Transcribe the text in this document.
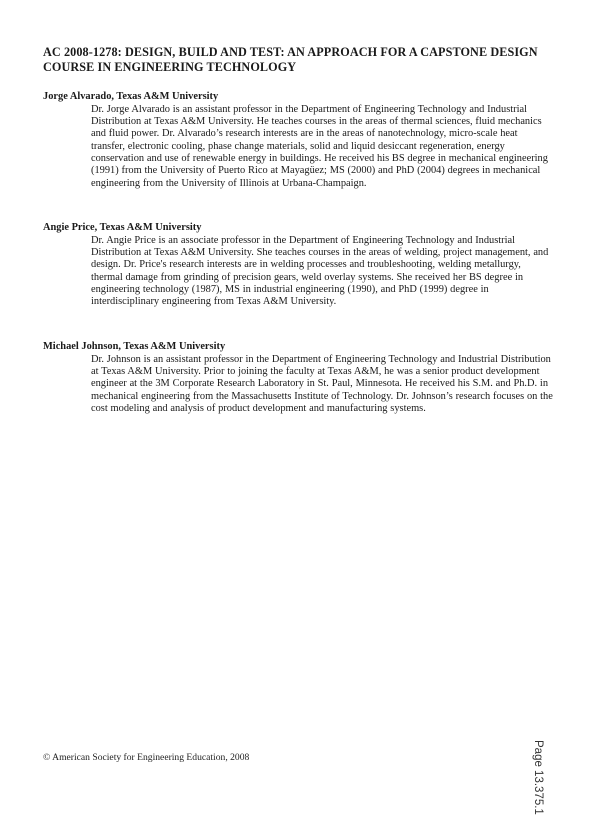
AC 2008-1278: DESIGN, BUILD AND TEST: AN APPROACH FOR A CAPSTONE DESIGN COURSE IN ENGINEERING TECHNOLOGY
Jorge Alvarado, Texas A&M University
Dr. Jorge Alvarado is an assistant professor in the Department of Engineering Technology and Industrial Distribution at Texas A&M University. He teaches courses in the areas of thermal sciences, fluid mechanics and fluid power. Dr. Alvarado’s research interests are in the areas of nanotechnology, micro-scale heat transfer, electronic cooling, phase change materials, solid and liquid desiccant regeneration, energy conservation and use of renewable energy in buildings. He received his BS degree in mechanical engineering (1991) from the University of Puerto Rico at Mayagüez; MS (2000) and PhD (2004) degrees in mechanical engineering from the University of Illinois at Urbana-Champaign.
Angie Price, Texas A&M University
Dr. Angie Price is an associate professor in the Department of Engineering Technology and Industrial Distribution at Texas A&M University. She teaches courses in the areas of welding, project management, and design. Dr. Price's research interests are in welding processes and troubleshooting, welding metallurgy, thermal damage from grinding of precision gears, weld overlay systems. She received her BS degree in engineering technology (1987), MS in industrial engineering (1990), and PhD (1999) degree in interdisciplinary engineering from Texas A&M University.
Michael Johnson, Texas A&M University
Dr. Johnson is an assistant professor in the Department of Engineering Technology and Industrial Distribution at Texas A&M University. Prior to joining the faculty at Texas A&M, he was a senior product development engineer at the 3M Corporate Research Laboratory in St. Paul, Minnesota. He received his S.M. and Ph.D. in mechanical engineering from the Massachusetts Institute of Technology. Dr. Johnson’s research focuses on the cost modeling and analysis of product development and manufacturing systems.
Page 13.375.1
© American Society for Engineering Education, 2008
